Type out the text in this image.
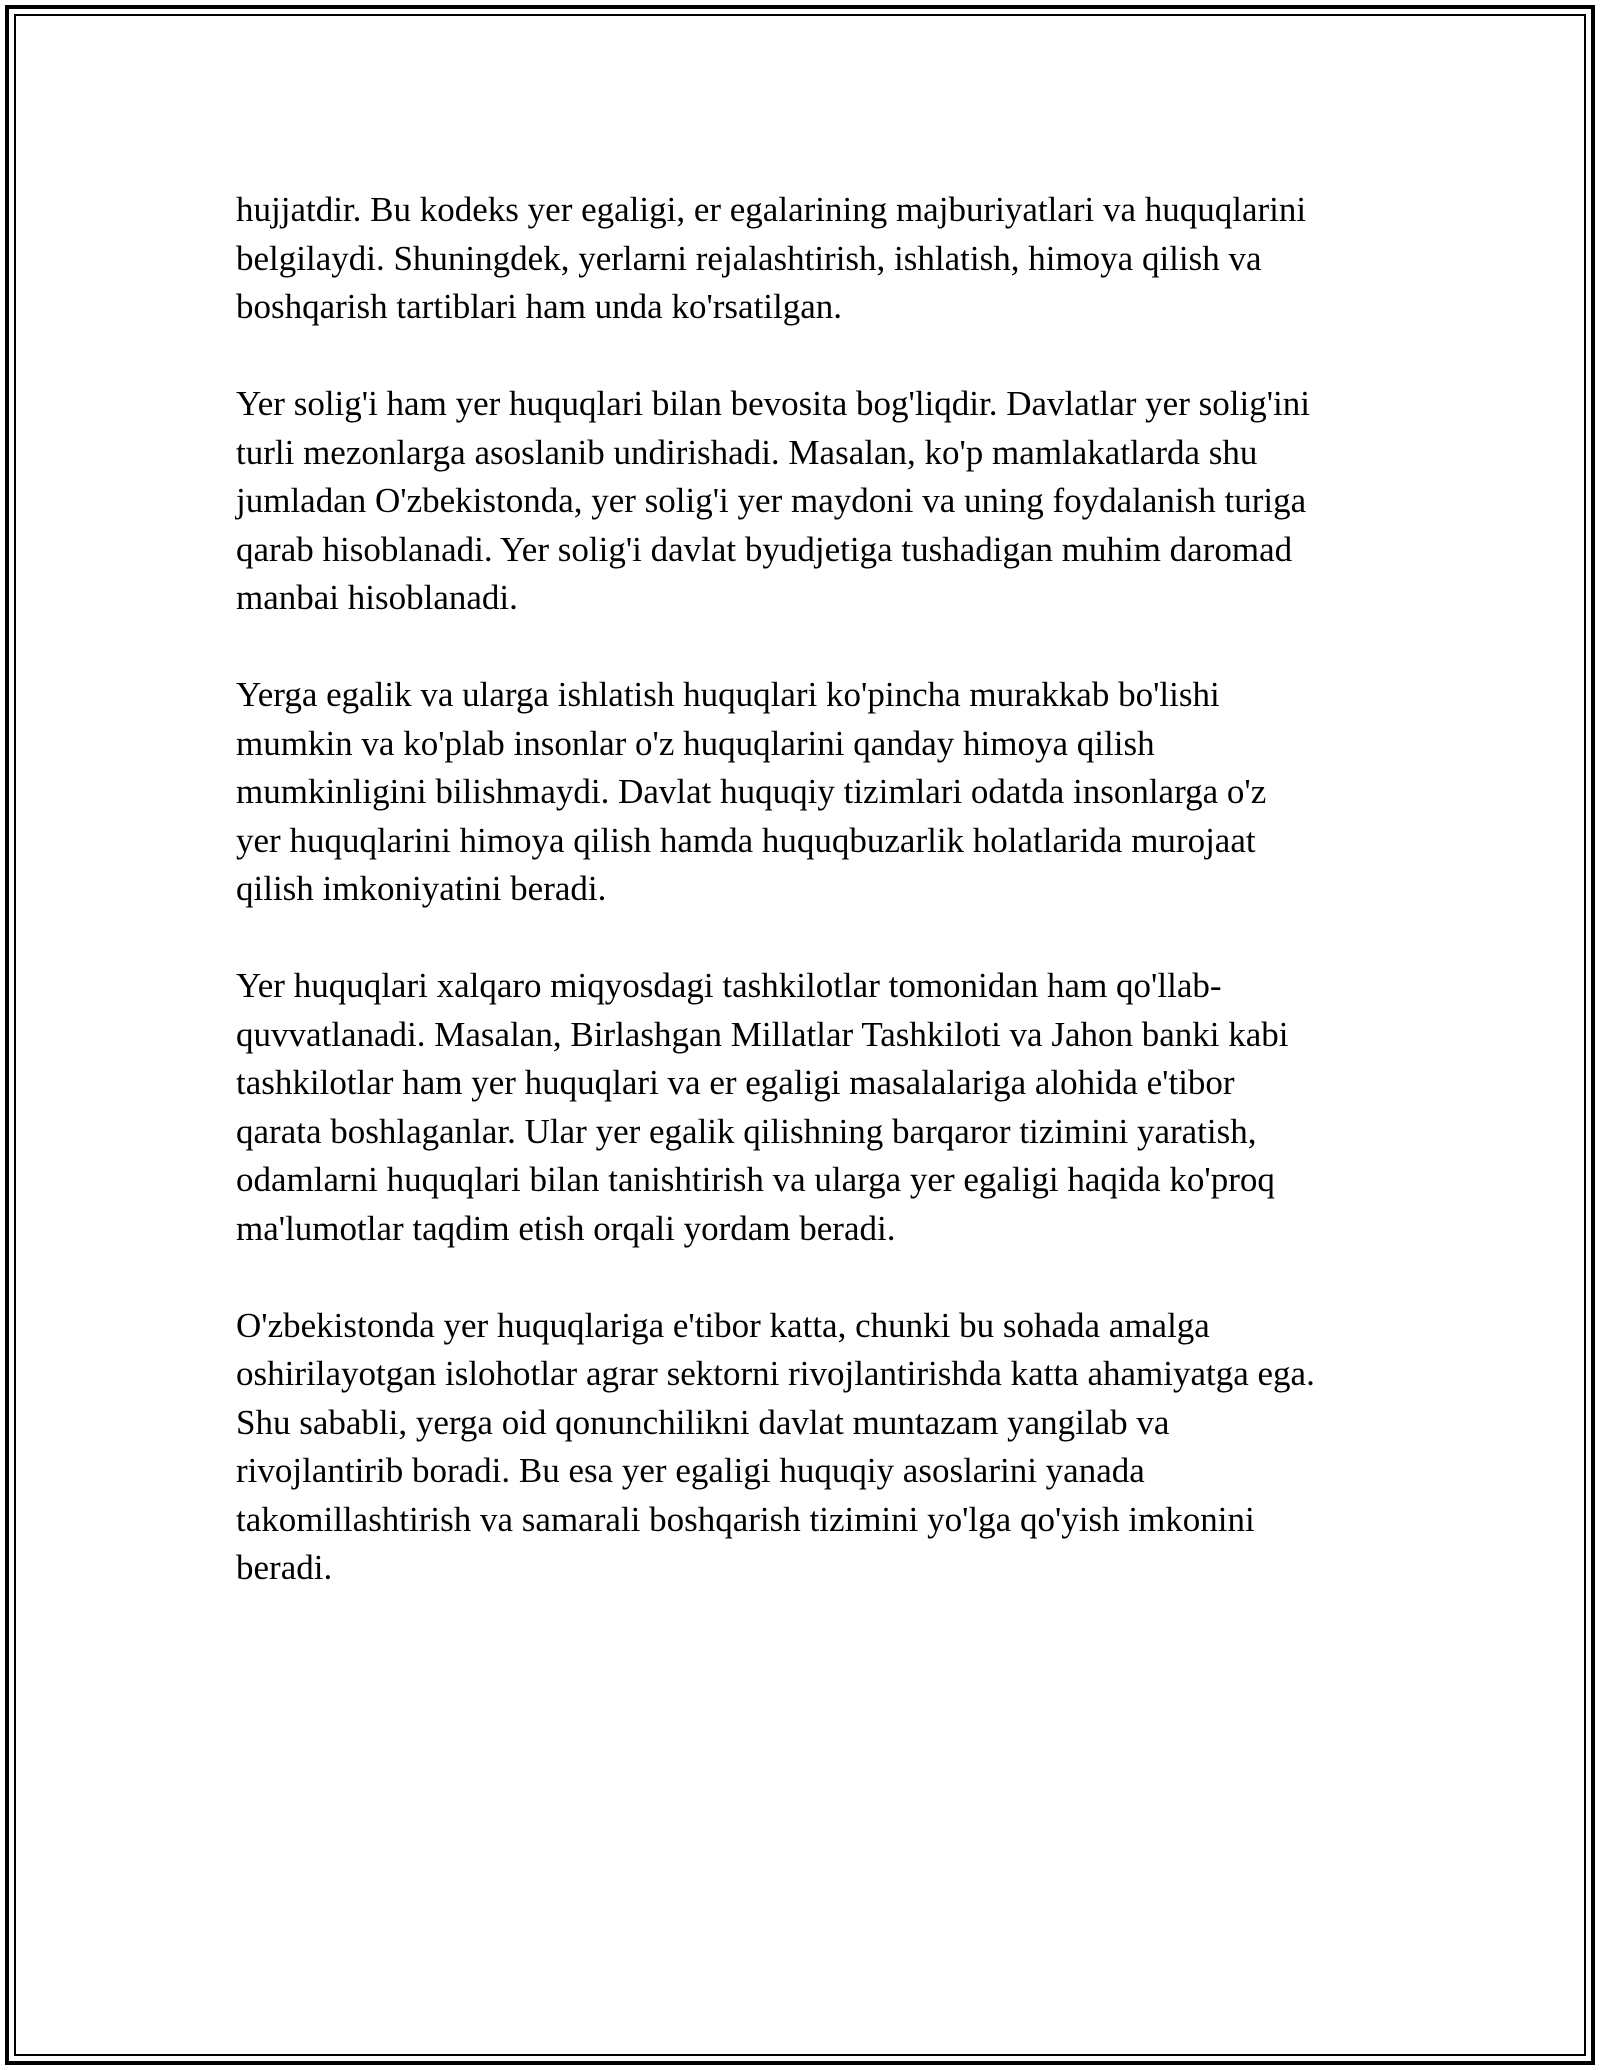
hujjatdir. Bu kodeks yer egaligi, er egalarining majburiyatlari va huquqlarini
belgilaydi. Shuningdek, yerlarni rejalashtirish, ishlatish, himoya qilish va
boshqarish tartiblari ham unda ko'rsatilgan.

Yer solig'i ham yer huquqlari bilan bevosita bog'liqdir. Davlatlar yer solig'ini
turli mezonlarga asoslanib undirishadi. Masalan, ko'p mamlakatlarda shu
jumladan O'zbekistonda, yer solig'i yer maydoni va uning foydalanish turiga
qarab hisoblanadi. Yer solig'i davlat byudjetiga tushadigan muhim daromad
manbai hisoblanadi.

Yerga egalik va ularga ishlatish huquqlari ko'pincha murakkab bo'lishi
mumkin va ko'plab insonlar o'z huquqlarini qanday himoya qilish
mumkinligini bilishmaydi. Davlat huquqiy tizimlari odatda insonlarga o'z
yer huquqlarini himoya qilish hamda huquqbuzarlik holatlarida murojaat
qilish imkoniyatini beradi.

Yer huquqlari xalqaro miqyosdagi tashkilotlar tomonidan ham qo'llab-
quvvatlanadi. Masalan, Birlashgan Millatlar Tashkiloti va Jahon banki kabi
tashkilotlar ham yer huquqlari va er egaligi masalalariga alohida e'tibor
qarata boshlaganlar. Ular yer egalik qilishning barqaror tizimini yaratish,
odamlarni huquqlari bilan tanishtirish va ularga yer egaligi haqida ko'proq
ma'lumotlar taqdim etish orqali yordam beradi.

O'zbekistonda yer huquqlariga e'tibor katta, chunki bu sohada amalga
oshirilayotgan islohotlar agrar sektorni rivojlantirishda katta ahamiyatga ega.
Shu sababli, yerga oid qonunchilikni davlat muntazam yangilab va
rivojlantirib boradi. Bu esa yer egaligi huquqiy asoslarini yanada
takomillashtirish va samarali boshqarish tizimini yo'lga qo'yish imkonini
beradi.
